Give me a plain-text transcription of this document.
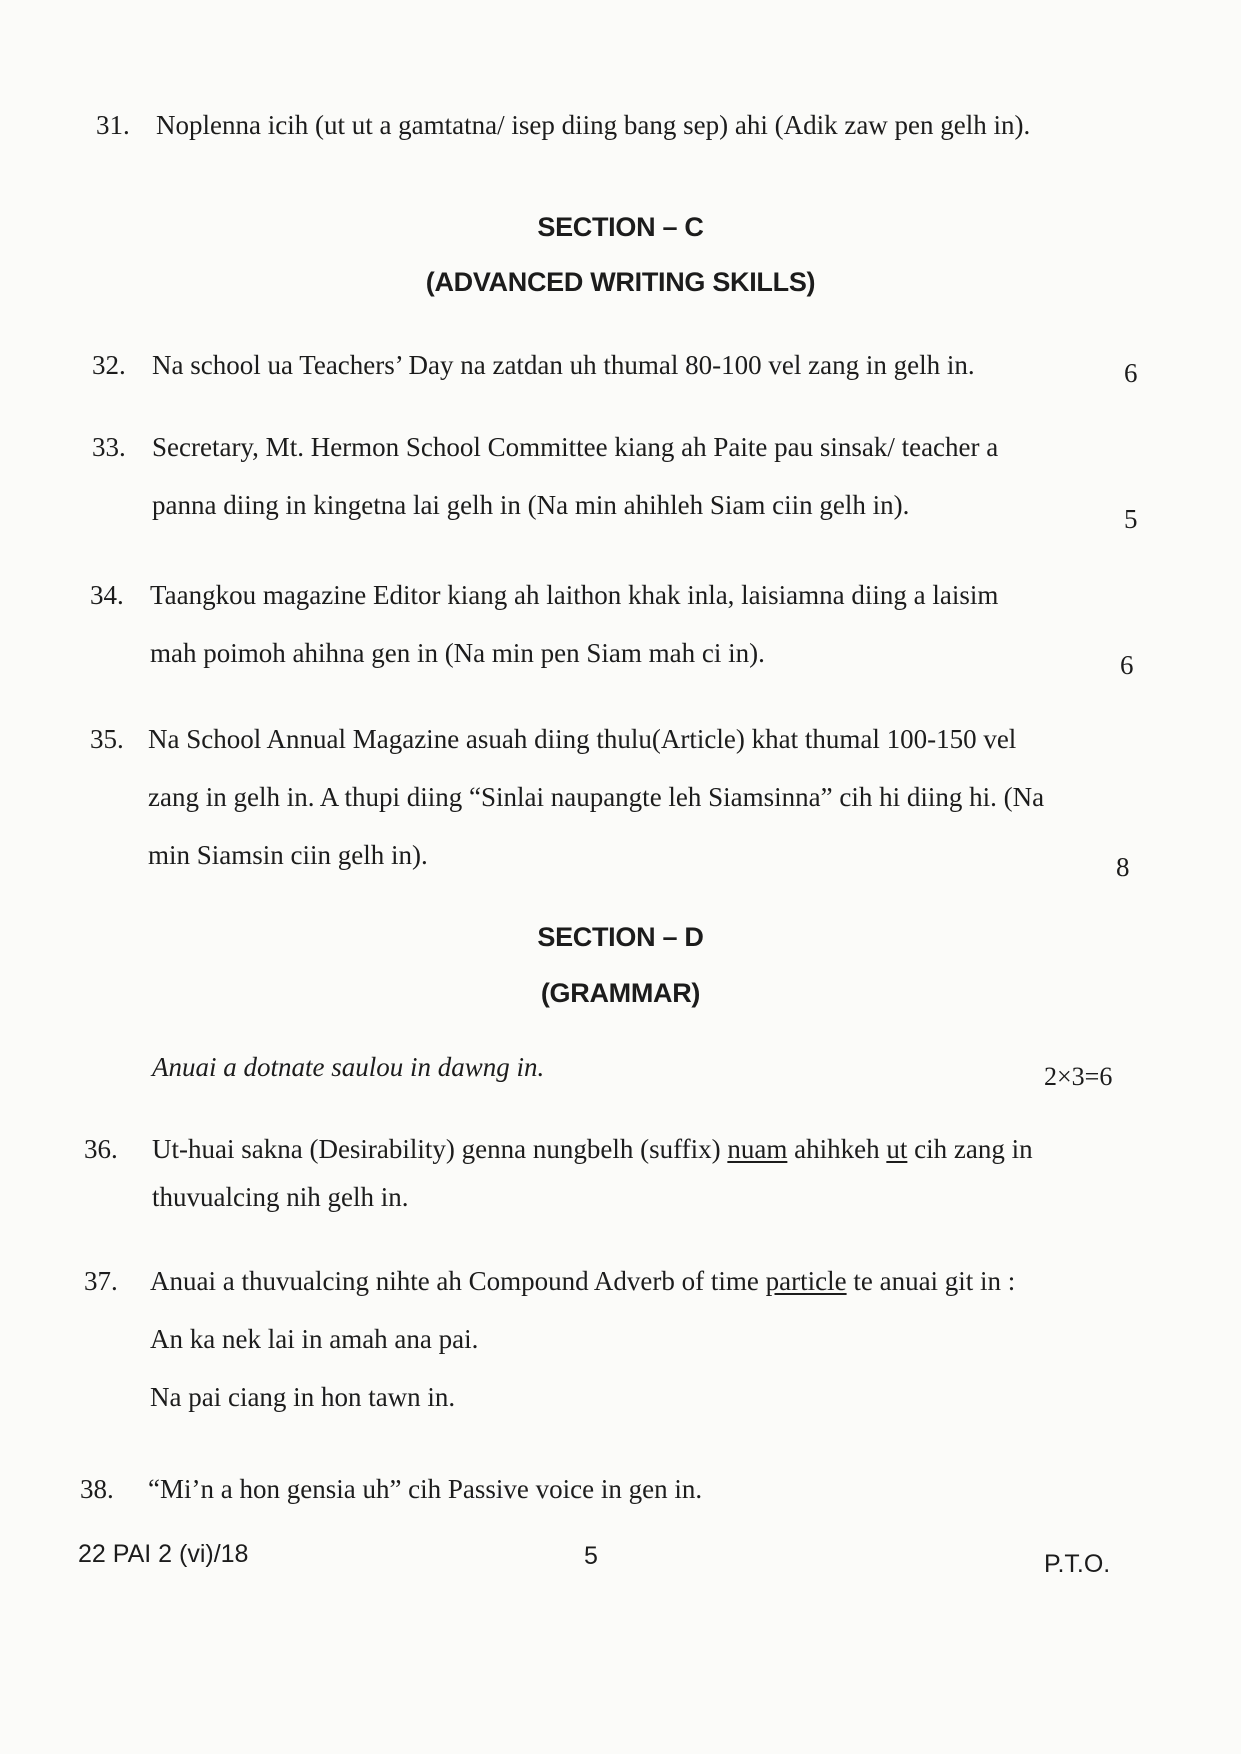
31. Noplenna icih (ut ut a gamtatna/ isep diing bang sep) ahi (Adik zaw pen gelh in).
SECTION – C
(ADVANCED WRITING SKILLS)
32. Na school ua Teachers’ Day na zatdan uh thumal 80-100 vel zang in gelh in.	6
33. Secretary, Mt. Hermon School Committee kiang ah Paite pau sinsak/ teacher a
panna diing in kingetna lai gelh in (Na min ahihleh Siam ciin gelh in).	5
34. Taangkou magazine Editor kiang ah laithon khak inla, laisiamna diing a laisim
mah poimoh ahihna gen in (Na min pen Siam mah ci in).	6
35. Na School Annual Magazine asuah diing thulu(Article) khat thumal 100-150 vel
zang in gelh in. A thupi diing “Sinlai naupangte leh Siamsinna” cih hi diing hi. (Na
min Siamsin ciin gelh in).	8
SECTION – D
(GRAMMAR)
Anuai a dotnate saulou in dawng in.	2×3=6
36. Ut-huai sakna (Desirability) genna nungbelh (suffix) nuam ahihkeh ut cih zang in
thuvualcing nih gelh in.
37. Anuai a thuvualcing nihte ah Compound Adverb of time particle te anuai git in :
An ka nek lai in amah ana pai.
Na pai ciang in hon tawn in.
38. “Mi’n a hon gensia uh” cih Passive voice in gen in.
22 PAI 2 (vi)/18	5	P.T.O.
